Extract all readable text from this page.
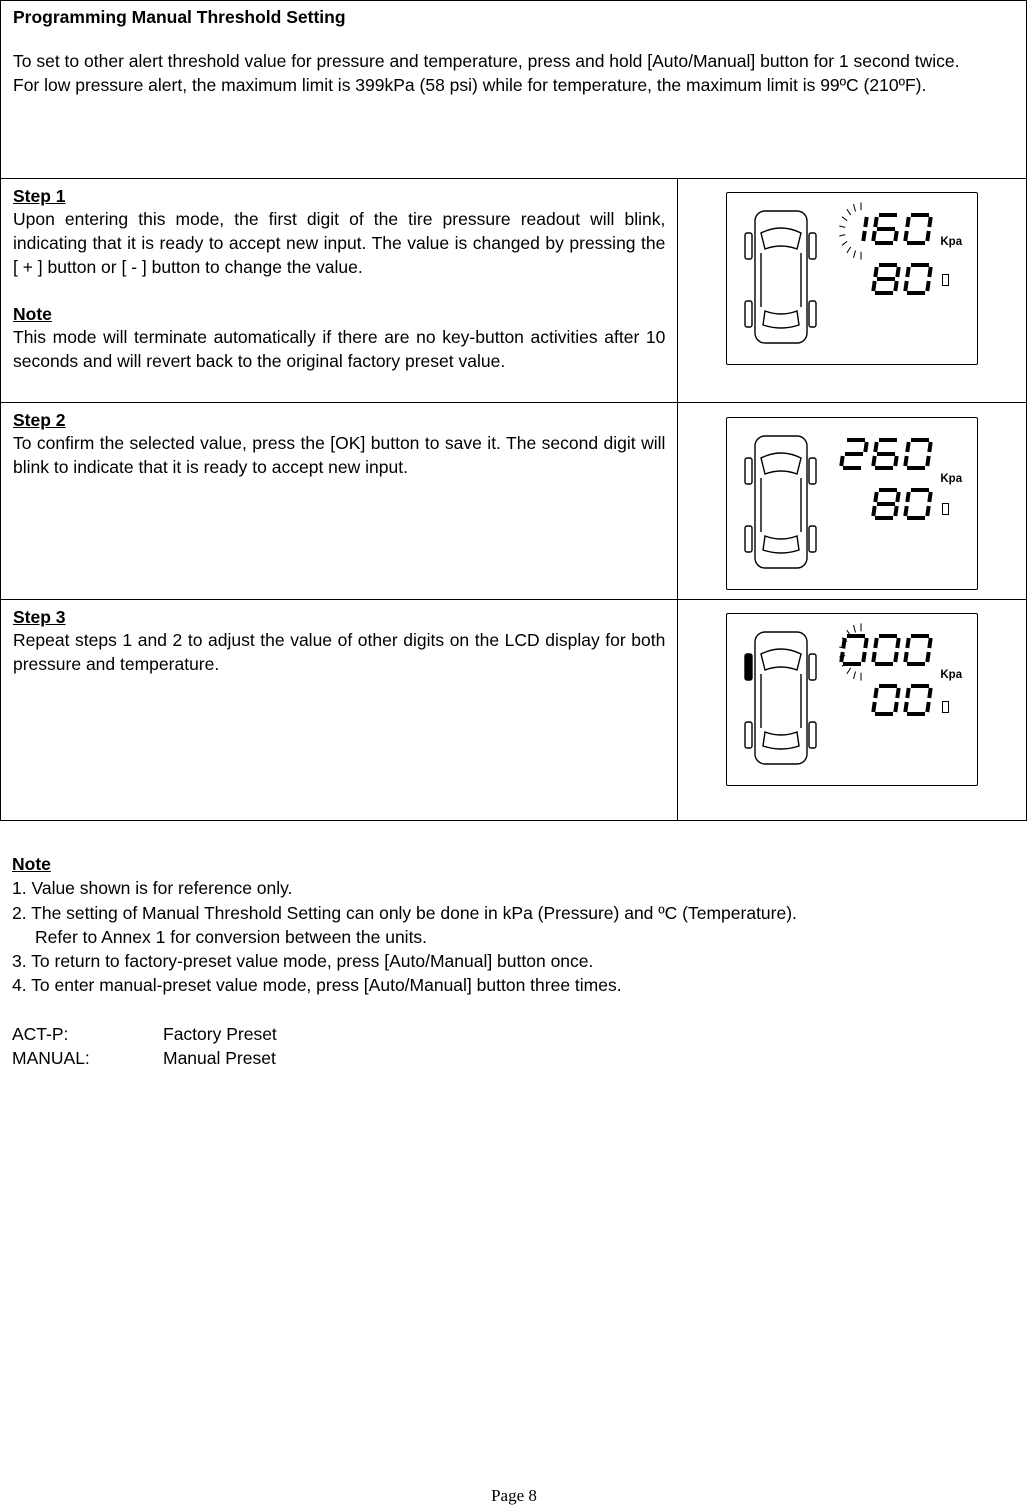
Programming Manual Threshold Setting

To set to other alert threshold value for pressure and temperature, press and hold [Auto/Manual] button for 1 second twice.

For low pressure alert, the maximum limit is 399kPa (58 psi) while for temperature, the maximum limit is 99ºC (210ºF).	

Step 1

Upon entering this mode, the first digit of the tire pressure readout will blink, indicating that it is ready to accept new input. The value is changed by pressing the [ + ] button or [ - ] button to change the value.

Note

This mode will terminate automatically if there are no key-button activities after 10 seconds and will revert back to the original factory preset value.	Kpa

Step 2

To confirm the selected value, press the [OK] button to save it. The second digit will blink to indicate that it is ready to accept new input.	Kpa

Step 3

Repeat steps 1 and 2 to adjust the value of other digits on the LCD display for both pressure and temperature.	Kpa

Note

1. Value shown is for reference only.

2. The setting of Manual Threshold Setting can only be done in kPa (Pressure) and ºC (Temperature).

Refer to Annex 1 for conversion between the units.

3. To return to factory-preset value mode, press [Auto/Manual] button once.

4. To enter manual-preset value mode, press [Auto/Manual] button three times.

ACT-P:	Factory Preset
MANUAL:	Manual Preset
Page 8
